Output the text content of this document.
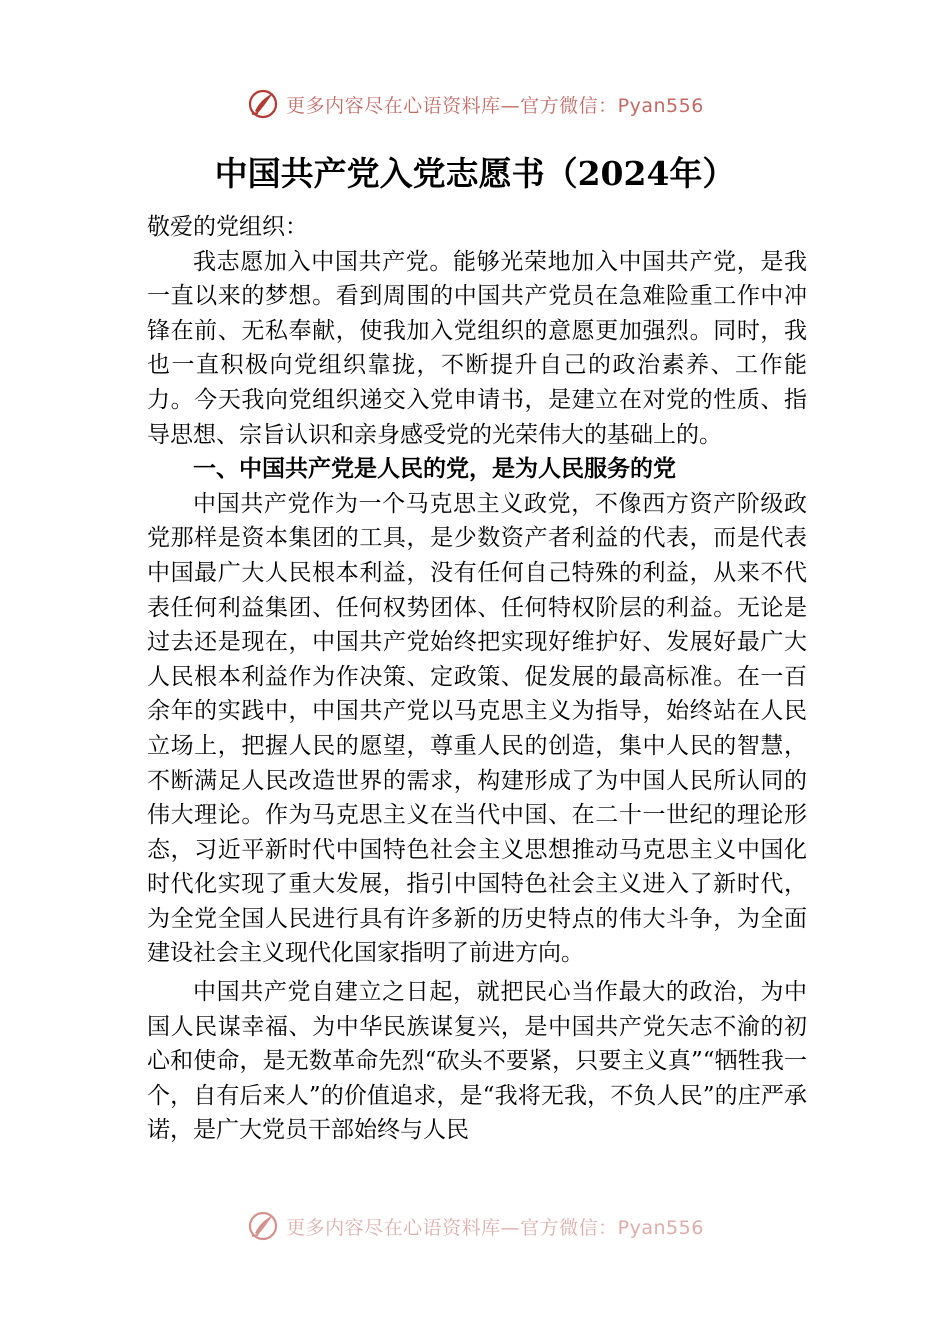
更多内容尽在心语资料库—官方微信：Pyan556
中国共产党入党志愿书（2024年）

敬爱的党组织：

我志愿加入中国共产党。能够光荣地加入中国共产党，是我一直以来的梦想。看到周围的中国共产党员在急难险重工作中冲锋在前、无私奉献，使我加入党组织的意愿更加强烈。同时，我也一直积极向党组织靠拢，不断提升自己的政治素养、工作能力。今天我向党组织递交入党申请书，是建立在对党的性质、指导思想、宗旨认识和亲身感受党的光荣伟大的基础上的。

一、中国共产党是人民的党，是为人民服务的党

中国共产党作为一个马克思主义政党，不像西方资产阶级政党那样是资本集团的工具，是少数资产者利益的代表，而是代表中国最广大人民根本利益，没有任何自己特殊的利益，从来不代表任何利益集团、任何权势团体、任何特权阶层的利益。无论是过去还是现在，中国共产党始终把实现好维护好、发展好最广大人民根本利益作为作决策、定政策、促发展的最高标准。在一百余年的实践中，中国共产党以马克思主义为指导，始终站在人民立场上，把握人民的愿望，尊重人民的创造，集中人民的智慧，不断满足人民改造世界的需求，构建形成了为中国人民所认同的伟大理论。作为马克思主义在当代中国、在二十一世纪的理论形态，习近平新时代中国特色社会主义思想推动马克思主义中国化时代化实现了重大发展，指引中国特色社会主义进入了新时代，为全党全国人民进行具有许多新的历史特点的伟大斗争，为全面建设社会主义现代化国家指明了前进方向。

中国共产党自建立之日起，就把民心当作最大的政治，为中国人民谋幸福、为中华民族谋复兴，是中国共产党矢志不渝的初心和使命，是无数革命先烈“砍头不要紧，只要主义真”“牺牲我一个，自有后来人”的价值追求，是“我将无我，不负人民”的庄严承诺，是广大党员干部始终与人民

更多内容尽在心语资料库—官方微信：Pyan556
